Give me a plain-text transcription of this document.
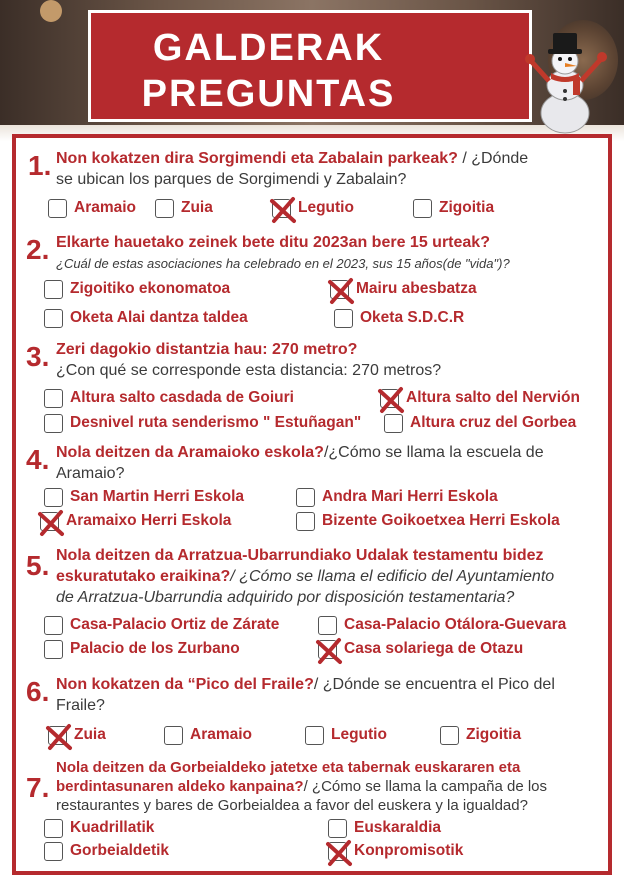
GALDERAK
PREGUNTAS
1. Non kokatzen dira Sorgimendi eta Zabalain parkeak? / ¿Dónde
se ubican los parques de Sorgimendi y Zabalain?
Aramaio	Zuia	Legutio	Zigoitia
2. Elkarte hauetako zeinek bete ditu 2023an bere 15 urteak?
¿Cuál de estas asociaciones ha celebrado en el 2023, sus 15 años(de "vida")?
Zigoitiko ekonomatoa	Mairu abesbatza
Oketa Alai dantza taldea	Oketa S.D.C.R
3. Zeri dagokio distantzia hau: 270 metro?
¿Con qué se corresponde esta distancia: 270 metros?
Altura salto casdada de Goiuri	Altura salto del Nervión
Desnivel ruta senderismo " Estuñagan"	Altura cruz del Gorbea
4. Nola deitzen da Aramaioko eskola?/¿Cómo se llama la escuela de
Aramaio?
San Martin Herri Eskola	Andra Mari Herri Eskola
Aramaixo Herri Eskola	Bizente Goikoetxea Herri Eskola
5. Nola deitzen da Arratzua-Ubarrundiako Udalak testamentu bidez
eskuratutako eraikina?/ ¿Cómo se llama el edificio del Ayuntamiento
de Arratzua-Ubarrundia adquirido por disposición testamentaria?
Casa-Palacio Ortiz de Zárate	Casa-Palacio Otálora-Guevara
Palacio de los Zurbano	Casa solariega de Otazu
6. Non kokatzen da “Pico del Fraile?/ ¿Dónde se encuentra el Pico del
Fraile?
Zuia	Aramaio	Legutio	Zigoitia
7.
Nola deitzen da Gorbeialdeko jatetxe eta tabernak euskararen eta
berdintasunaren aldeko kanpaina?/ ¿Cómo se llama la campaña de los
restaurantes y bares de Gorbeialdea a favor del euskera y la igualdad?
Kuadrillatik	Euskaraldia
Gorbeialdetik	Konpromisotik
